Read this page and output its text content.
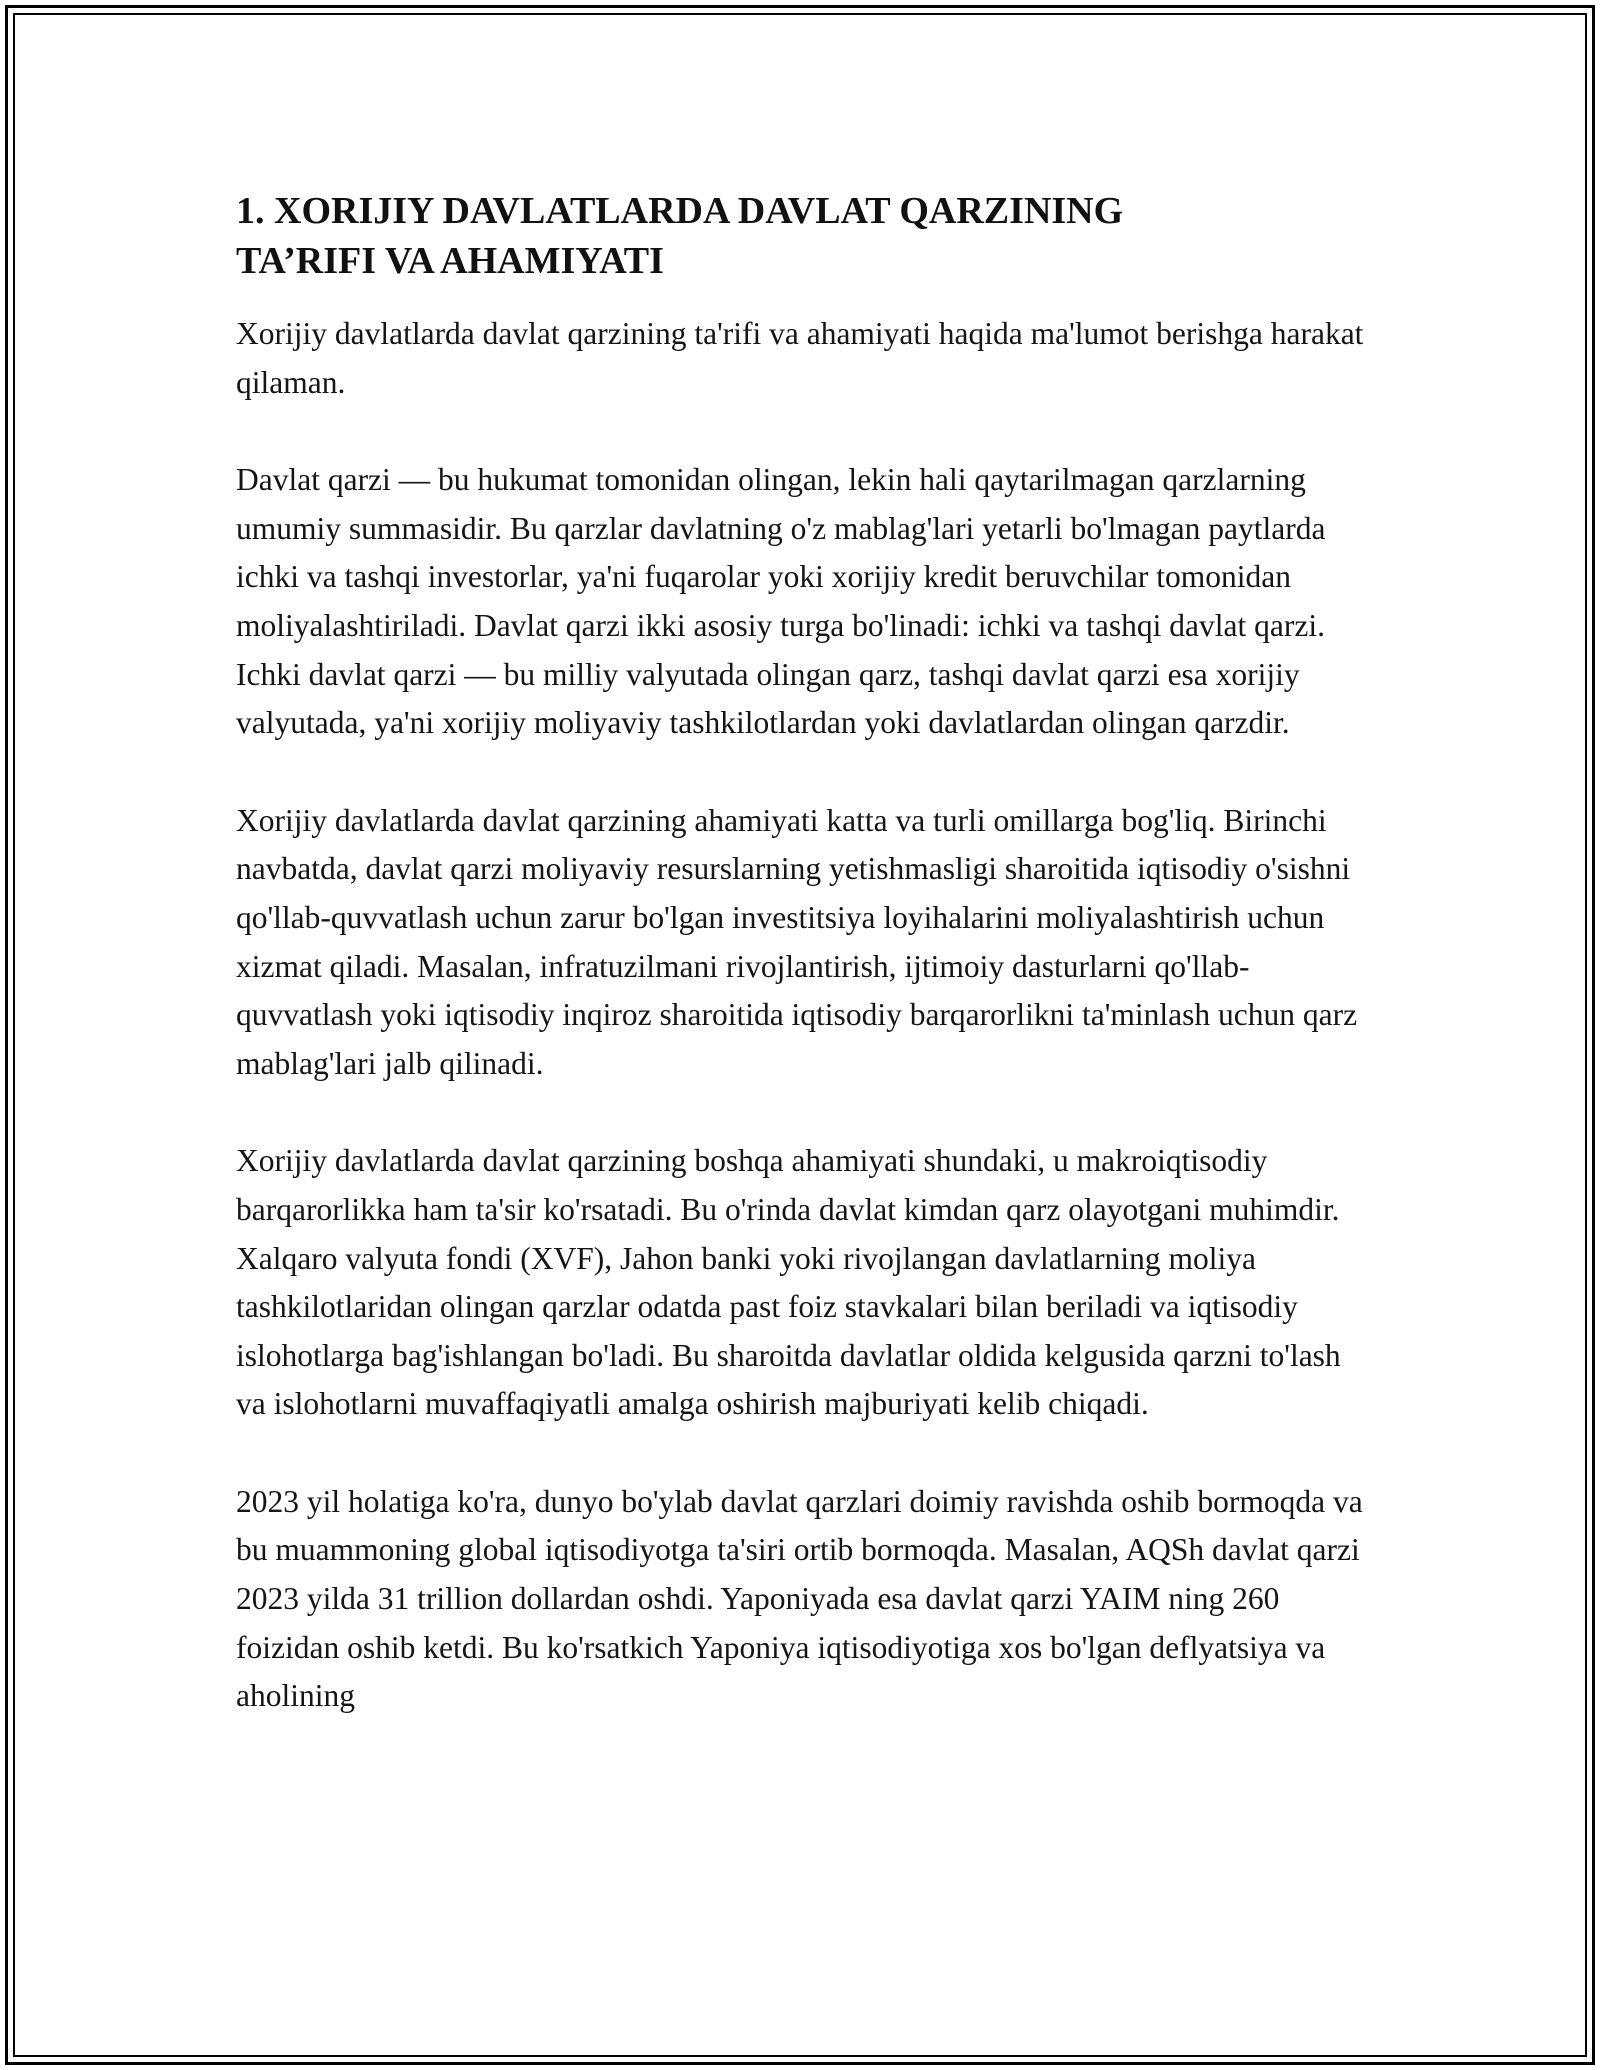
1. XORIJIY DAVLATLARDA DAVLAT QARZINING
TA’RIFI VA AHAMIYATI

Xorijiy davlatlarda davlat qarzining ta'rifi va ahamiyati haqida ma'lumot berishga harakat qilaman.

Davlat qarzi — bu hukumat tomonidan olingan, lekin hali qaytarilmagan qarzlarning umumiy summasidir. Bu qarzlar davlatning o'z mablag'lari yetarli bo'lmagan paytlarda ichki va tashqi investorlar, ya'ni fuqarolar yoki xorijiy kredit beruvchilar tomonidan moliyalashtiriladi. Davlat qarzi ikki asosiy turga bo'linadi: ichki va tashqi davlat qarzi. Ichki davlat qarzi — bu milliy valyutada olingan qarz, tashqi davlat qarzi esa xorijiy valyutada, ya'ni xorijiy moliyaviy tashkilotlardan yoki davlatlardan olingan qarzdir.

Xorijiy davlatlarda davlat qarzining ahamiyati katta va turli omillarga bog'liq. Birinchi navbatda, davlat qarzi moliyaviy resurslarning yetishmasligi sharoitida iqtisodiy o'sishni qo'llab-quvvatlash uchun zarur bo'lgan investitsiya loyihalarini moliyalashtirish uchun xizmat qiladi. Masalan, infratuzilmani rivojlantirish, ijtimoiy dasturlarni qo'llab-quvvatlash yoki iqtisodiy inqiroz sharoitida iqtisodiy barqarorlikni ta'minlash uchun qarz mablag'lari jalb qilinadi.

Xorijiy davlatlarda davlat qarzining boshqa ahamiyati shundaki, u makroiqtisodiy barqarorlikka ham ta'sir ko'rsatadi. Bu o'rinda davlat kimdan qarz olayotgani muhimdir. Xalqaro valyuta fondi (XVF), Jahon banki yoki rivojlangan davlatlarning moliya tashkilotlaridan olingan qarzlar odatda past foiz stavkalari bilan beriladi va iqtisodiy islohotlarga bag'ishlangan bo'ladi. Bu sharoitda davlatlar oldida kelgusida qarzni to'lash va islohotlarni muvaffaqiyatli amalga oshirish majburiyati kelib chiqadi.

2023 yil holatiga ko'ra, dunyo bo'ylab davlat qarzlari doimiy ravishda oshib bormoqda va bu muammoning global iqtisodiyotga ta'siri ortib bormoqda. Masalan, AQSh davlat qarzi 2023 yilda 31 trillion dollardan oshdi. Yaponiyada esa davlat qarzi YAIM ning 260 foizidan oshib ketdi. Bu ko'rsatkich Yaponiya iqtisodiyotiga xos bo'lgan deflyatsiya va aholining
